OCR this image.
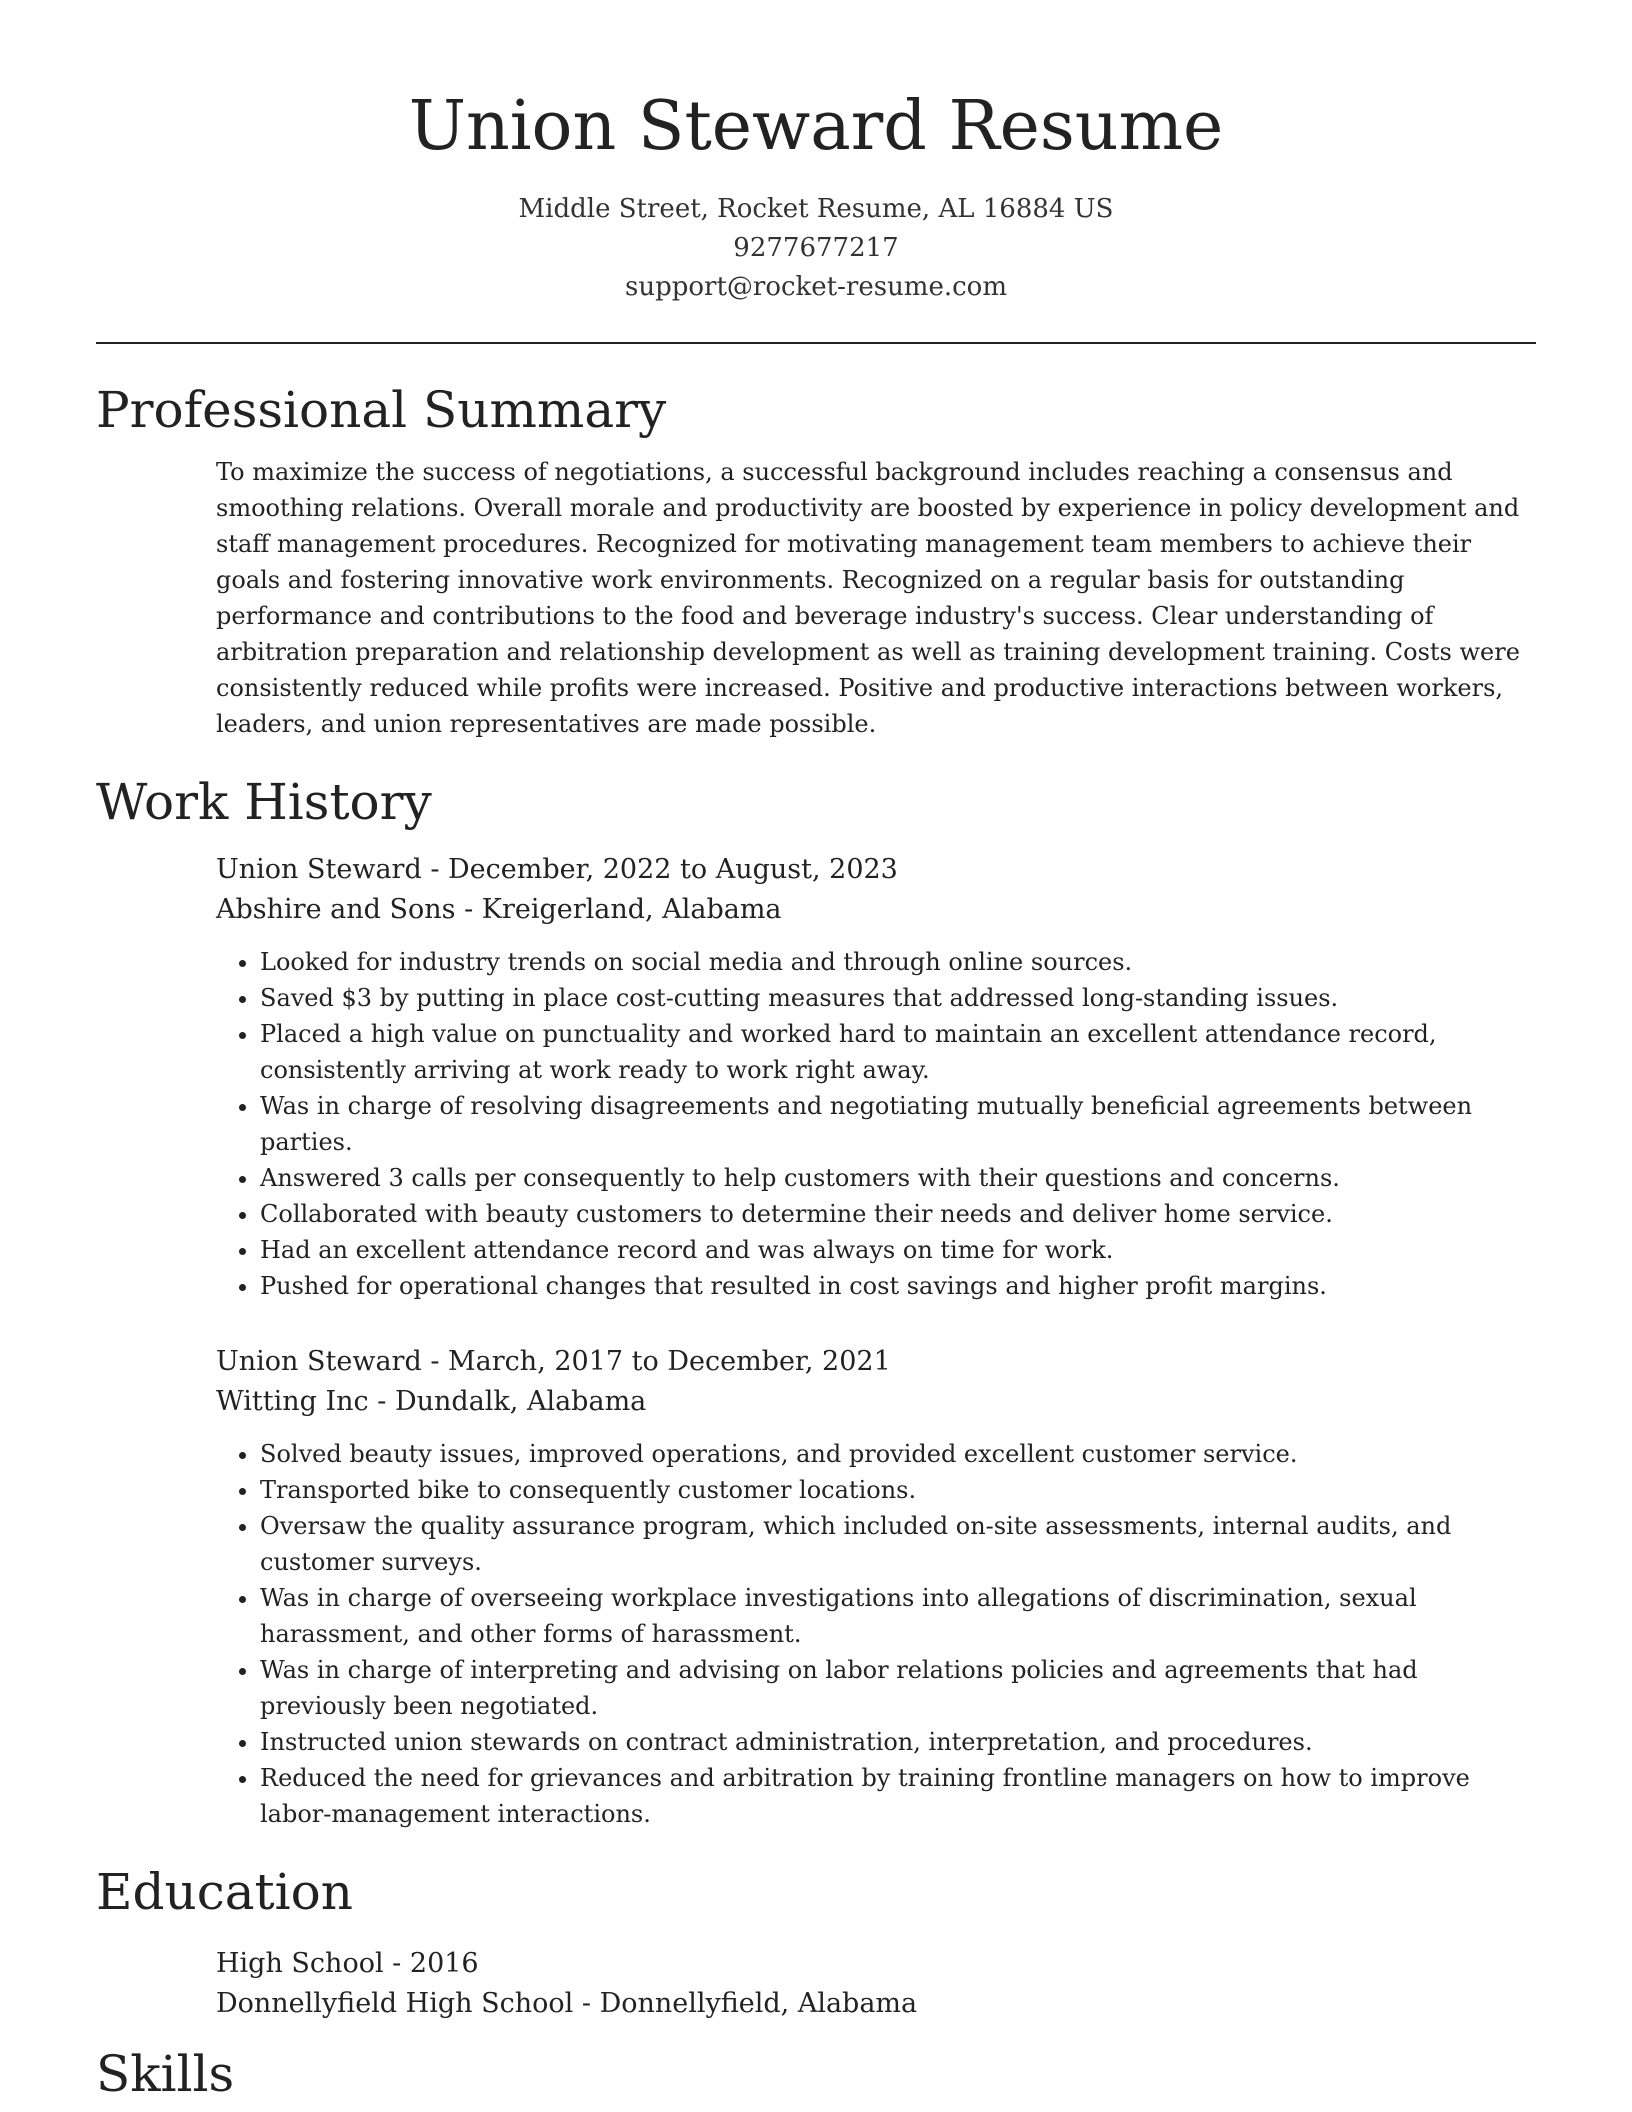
Union Steward Resume

Middle Street, Rocket Resume, AL 16884 US

9277677217

support@rocket-resume.com

Professional Summary

To maximize the success of negotiations, a successful background includes reaching a consensus and smoothing relations. Overall morale and productivity are boosted by experience in policy development and staff management procedures. Recognized for motivating management team members to achieve their goals and fostering innovative work environments. Recognized on a regular basis for outstanding performance and contributions to the food and beverage industry's success. Clear understanding of arbitration preparation and relationship development as well as training development training. Costs were consistently reduced while profits were increased. Positive and productive interactions between workers, leaders, and union representatives are made possible.

Work History

Union Steward - December, 2022 to August, 2023

Abshire and Sons - Kreigerland, Alabama

• Looked for industry trends on social media and through online sources.
• Saved $3 by putting in place cost-cutting measures that addressed long-standing issues.
• Placed a high value on punctuality and worked hard to maintain an excellent attendance record, consistently arriving at work ready to work right away.
• Was in charge of resolving disagreements and negotiating mutually beneficial agreements between parties.
• Answered 3 calls per consequently to help customers with their questions and concerns.
• Collaborated with beauty customers to determine their needs and deliver home service.
• Had an excellent attendance record and was always on time for work.
• Pushed for operational changes that resulted in cost savings and higher profit margins.

Union Steward - March, 2017 to December, 2021

Witting Inc - Dundalk, Alabama

• Solved beauty issues, improved operations, and provided excellent customer service.
• Transported bike to consequently customer locations.
• Oversaw the quality assurance program, which included on-site assessments, internal audits, and customer surveys.
• Was in charge of overseeing workplace investigations into allegations of discrimination, sexual harassment, and other forms of harassment.
• Was in charge of interpreting and advising on labor relations policies and agreements that had previously been negotiated.
• Instructed union stewards on contract administration, interpretation, and procedures.
• Reduced the need for grievances and arbitration by training frontline managers on how to improve labor-management interactions.
Education

High School - 2016

Donnellyfield High School - Donnellyfield, Alabama

Skills
